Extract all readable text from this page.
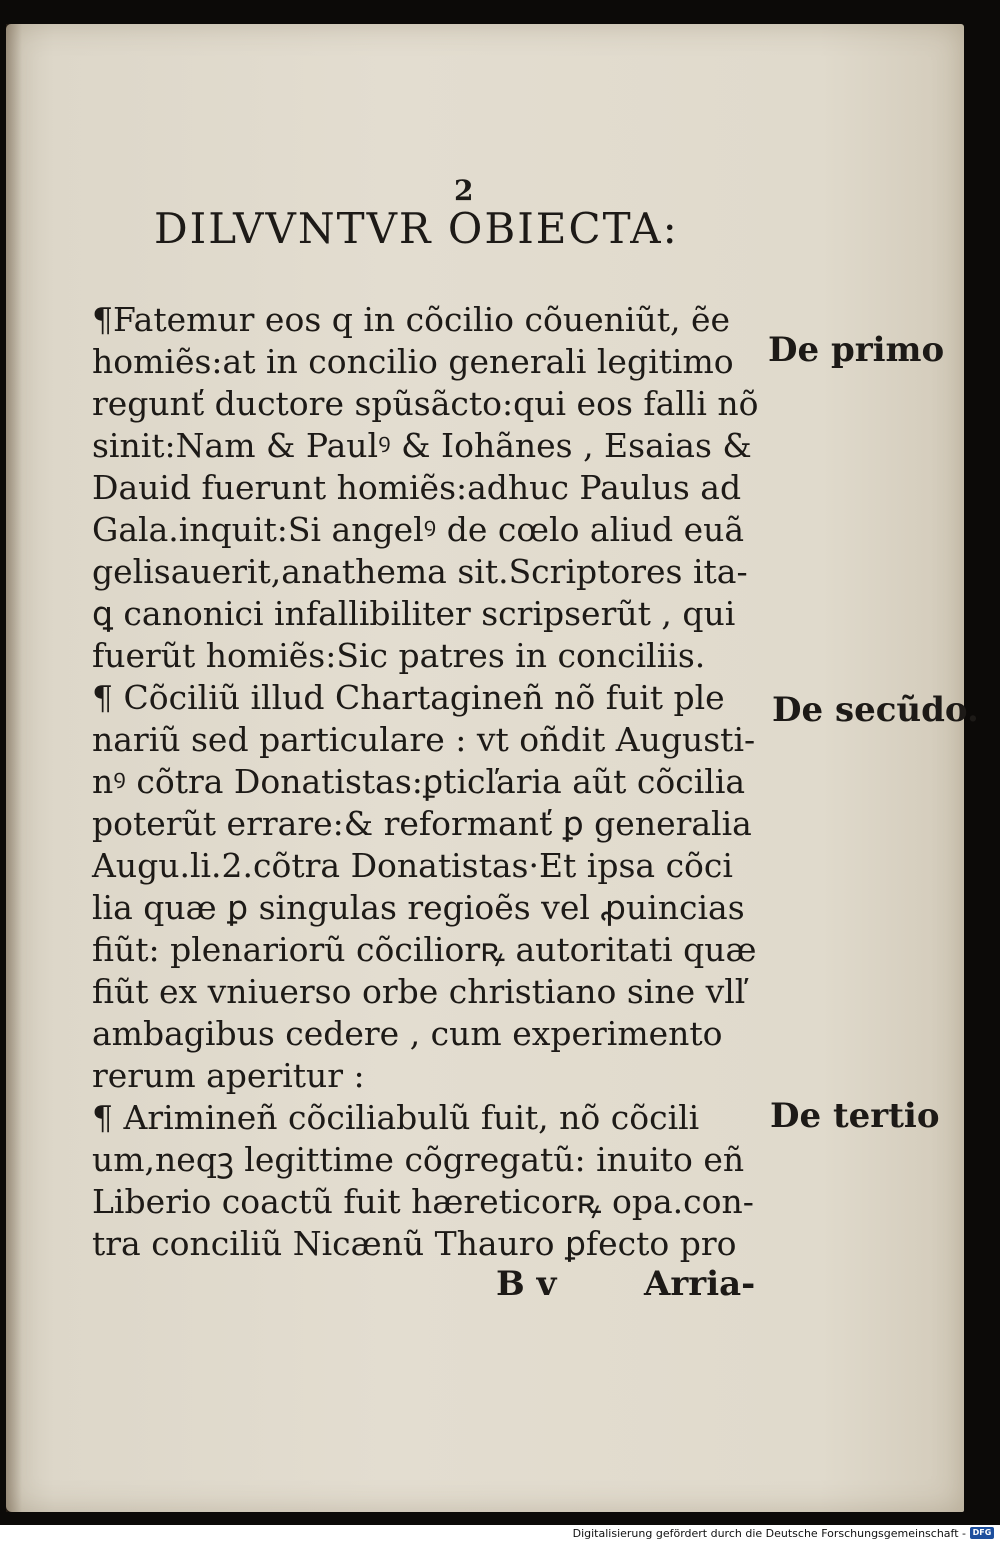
2
DILVVNTVR OBIECTA:
¶Fatemur eos q in cõcilio cõueniũt, ẽe
homiẽs:at in concilio generali legitimo
regunť ductore spũsãcto:qui eos falli nõ
sinit:Nam & Paulꝰ & Iohãnes , Esaias &
Dauid fuerunt homiẽs:adhuc Paulus ad
Gala.inquit:Si angelꝰ de cœlo aliud euã
gelisauerit,anathema sit.Scriptores ita-
ꝗ canonici infallibiliter scripserũt , qui
fuerũt homiẽs:Sic patres in conciliis.
¶ Cõciliũ illud Chartagineñ nõ fuit ple
nariũ sed particulare : vt oñdit Augusti-
nꝰ cõtra Donatistas:ꝑticľaria aũt cõcilia
poterũt errare:& reformanť ꝑ generalia
Augu.li.2.cõtra Donatistas·Et ipsa cõci
lia quæ ꝑ singulas regioẽs vel ꝓuincias
fiũt: plenariorũ cõciliorꝶ autoritati quæ
fiũt ex vniuerso orbe christiano sine vlľ
ambagibus cedere , cum experimento
rerum aperitur :
¶ Arimineñ cõciliabulũ fuit, nõ cõcili
um,neqꝫ legittime cõgregatũ: inuito eñ
Liberio coactũ fuit hæreticorꝶ opa.con-
tra conciliũ Nicænũ Thauro ꝑfecto pro
De primo
De secũdo.
De tertio
B v	Arria-
Digitalisierung gefördert durch die Deutsche Forschungsgemeinschaft - DFG
